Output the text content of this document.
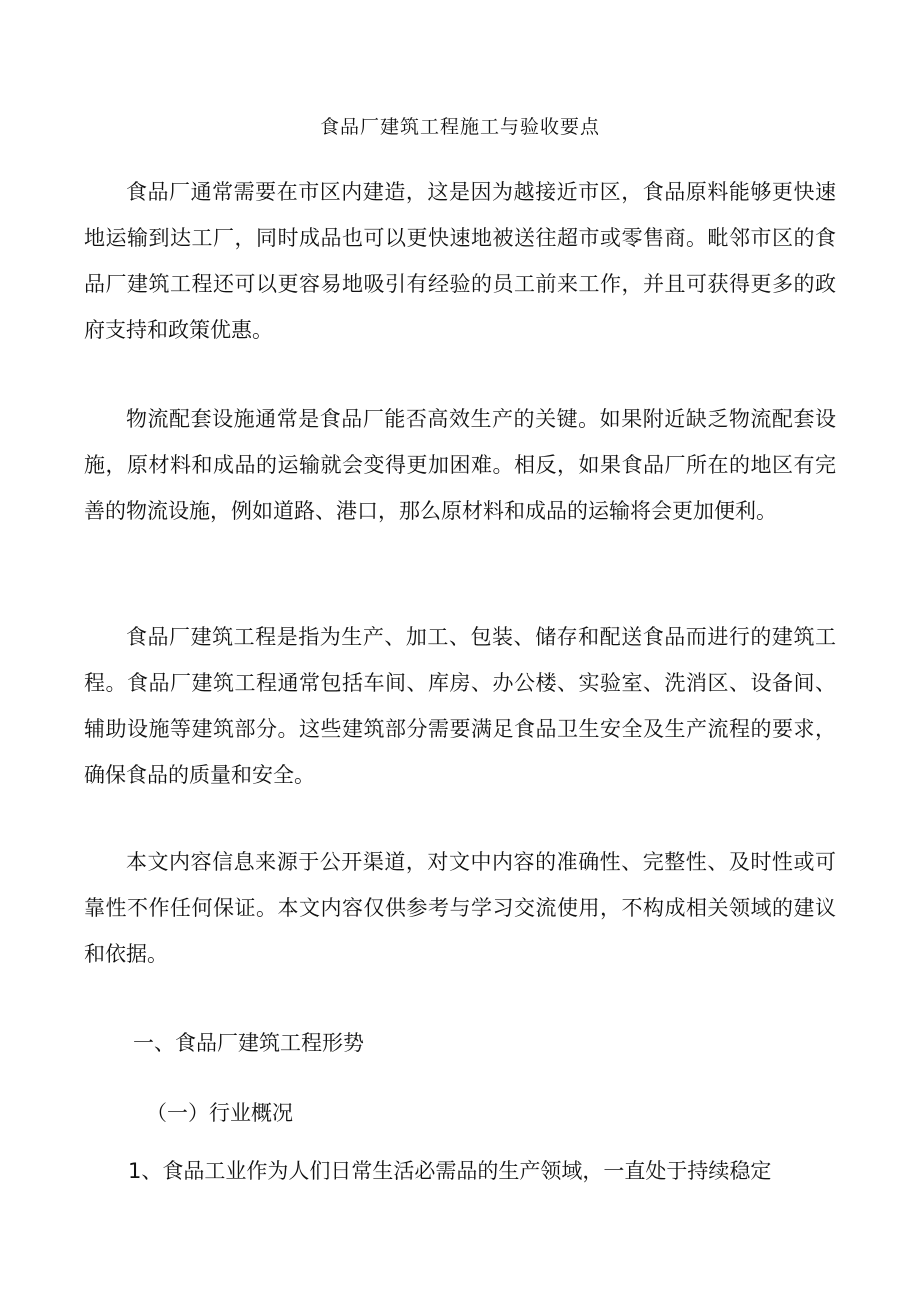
食品厂建筑工程施工与验收要点

食品厂通常需要在市区内建造，这是因为越接近市区，食品原料能够更快速地运输到达工厂，同时成品也可以更快速地被送往超市或零售商。毗邻市区的食品厂建筑工程还可以更容易地吸引有经验的员工前来工作，并且可获得更多的政府支持和政策优惠。

物流配套设施通常是食品厂能否高效生产的关键。如果附近缺乏物流配套设施，原材料和成品的运输就会变得更加困难。相反，如果食品厂所在的地区有完善的物流设施，例如道路、港口，那么原材料和成品的运输将会更加便利。

食品厂建筑工程是指为生产、加工、包装、储存和配送食品而进行的建筑工程。食品厂建筑工程通常包括车间、库房、办公楼、实验室、洗消区、设备间、辅助设施等建筑部分。这些建筑部分需要满足食品卫生安全及生产流程的要求，确保食品的质量和安全。

本文内容信息来源于公开渠道，对文中内容的准确性、完整性、及时性或可靠性不作任何保证。本文内容仅供参考与学习交流使用，不构成相关领域的建议和依据。

一、食品厂建筑工程形势
（一）行业概况

1、食品工业作为人们日常生活必需品的生产领域，一直处于持续稳定
